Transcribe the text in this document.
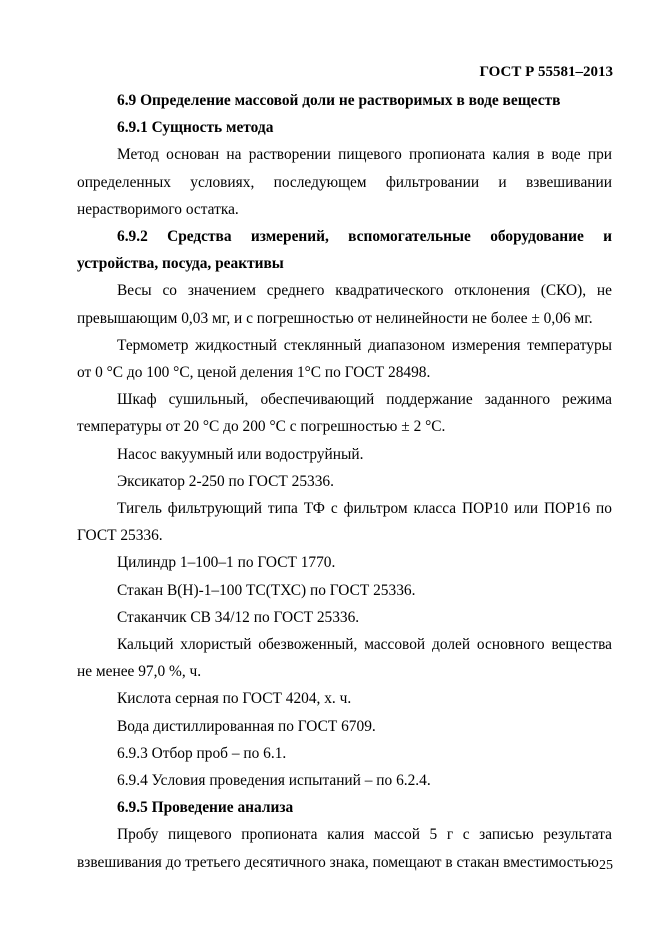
ГОСТ Р 55581–2013

6.9 Определение массовой доли не растворимых в воде веществ

6.9.1 Сущность метода

Метод основан на растворении пищевого пропионата калия в воде при определенных условиях, последующем фильтровании и взвешивании нерастворимого остатка.

6.9.2 Средства измерений, вспомогательные оборудование и устройства, посуда, реактивы

Весы со значением среднего квадратического отклонения (СКО), не превышающим 0,03 мг, и с погрешностью от нелинейности не более ± 0,06 мг.

Термометр жидкостный стеклянный диапазоном измерения температуры от 0 °С до 100 °С, ценой деления 1°С по ГОСТ 28498.

Шкаф сушильный, обеспечивающий поддержание заданного режима температуры от 20 °С до 200 °С с погрешностью ± 2 °С.

Насос вакуумный или водоструйный.

Эксикатор 2-250 по ГОСТ 25336.

Тигель фильтрующий типа ТФ с фильтром класса ПОР10 или ПОР16 по ГОСТ 25336.

Цилиндр 1–100–1 по ГОСТ 1770.

Стакан В(Н)-1–100 ТС(ТХС) по ГОСТ 25336.

Стаканчик СВ 34/12 по ГОСТ 25336.

Кальций хлористый обезвоженный, массовой долей основного вещества не менее 97,0 %, ч.

Кислота серная по ГОСТ 4204, х. ч.

Вода дистиллированная по ГОСТ 6709.

6.9.3 Отбор проб – по 6.1.

6.9.4 Условия проведения испытаний – по 6.2.4.

6.9.5 Проведение анализа

Пробу пищевого пропионата калия массой 5 г с записью результата взвешивания до третьего десятичного знака, помещают в стакан вместимостью 25
